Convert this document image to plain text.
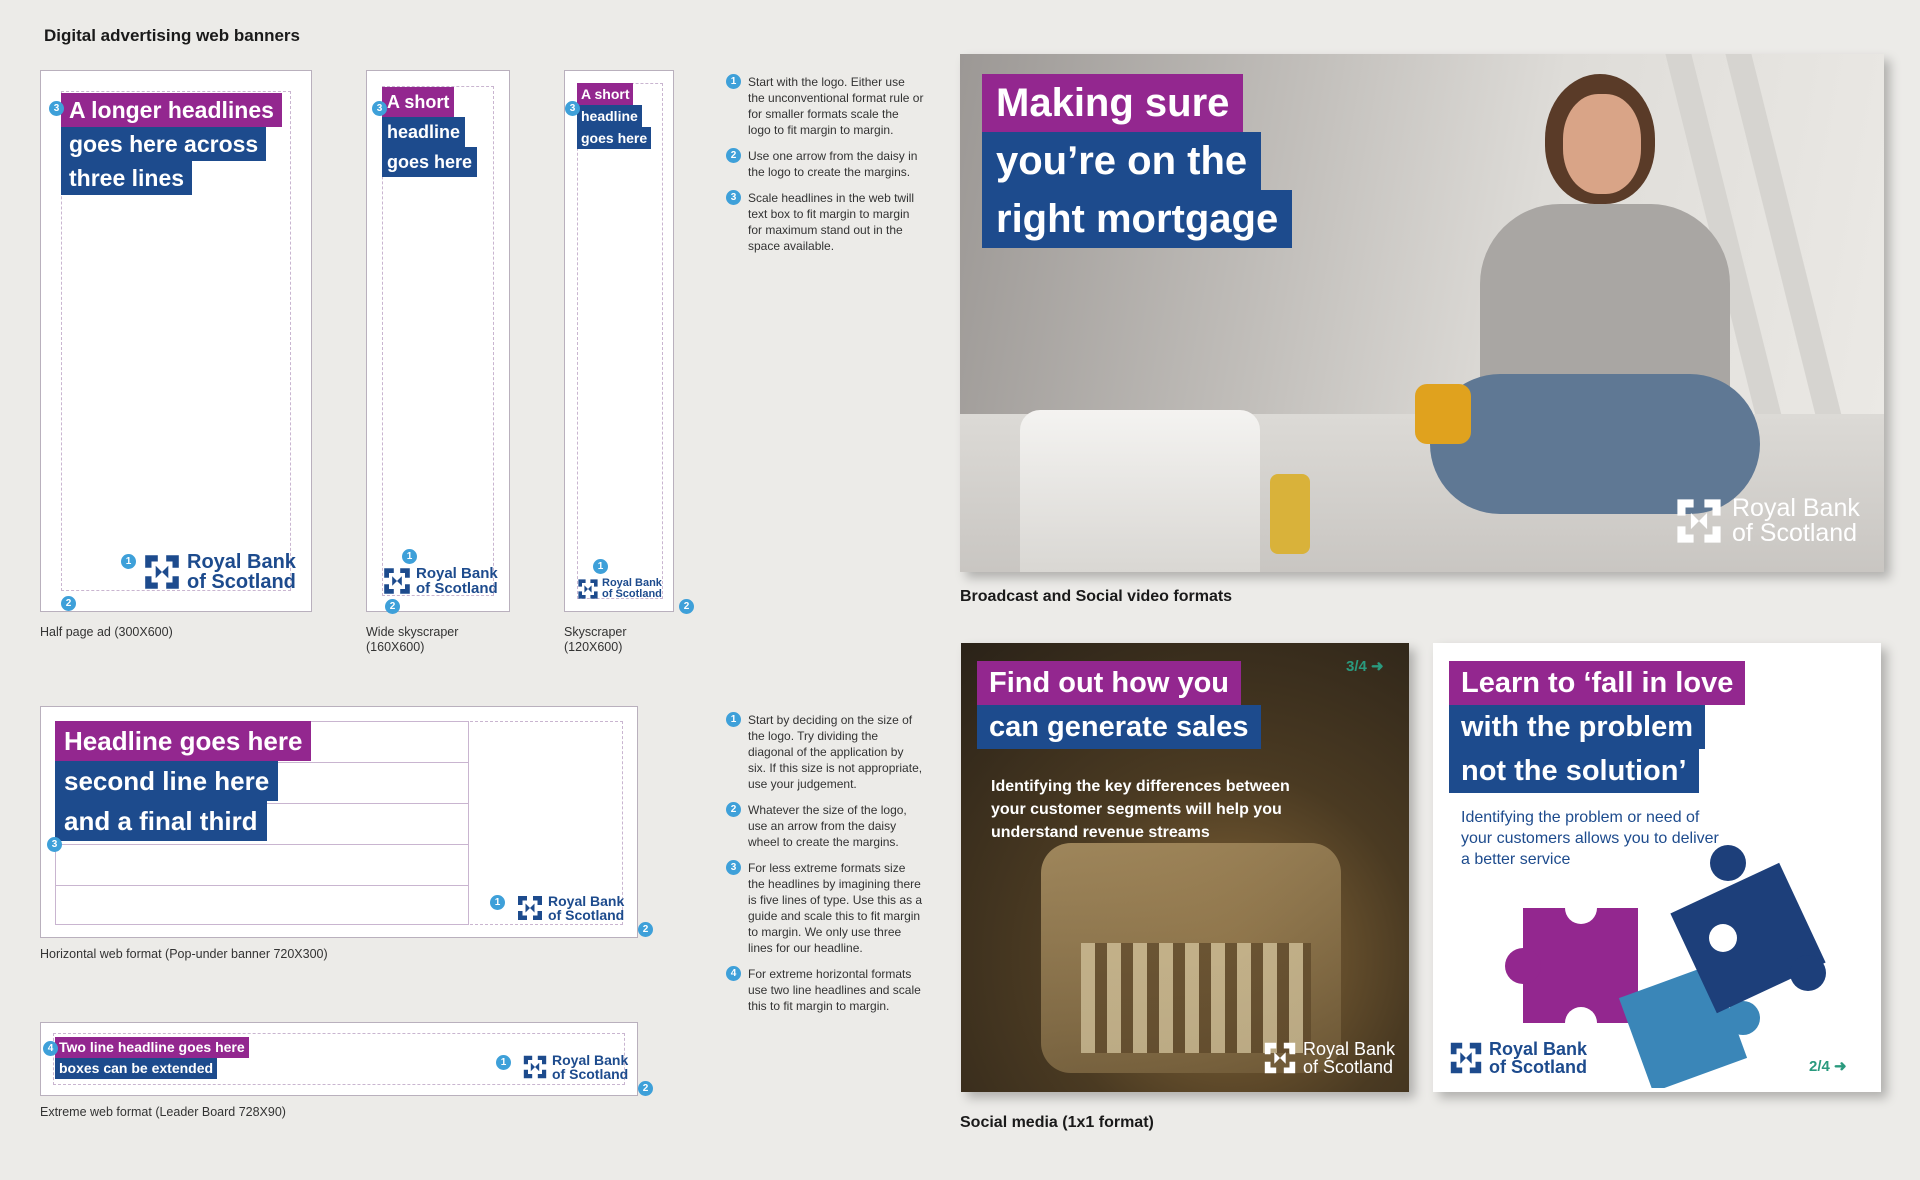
Digital advertising web banners
A longer headlines
goes here across
three lines
3
Royal Bank
of Scotland
1
2
Half page ad (300X600)
A short
headline
goes here
3
Royal Bank
of Scotland
1
2
Wide skyscraper
(160X600)
A short
headline
goes here
3
Royal Bank
of Scotland
1
2
Skyscraper
(120X600)
1 Start with the logo. Either use the unconventional format rule or for smaller formats scale the logo to fit margin to margin.
2 Use one arrow from the daisy in the logo to create the margins.
3 Scale headlines in the web twill text box to fit margin to margin for maximum stand out in the space available.
Headline goes here
second line here
and a final third
3
Royal Bank
of Scotland
1
2
Horizontal web format (Pop-under banner 720X300)
Two line headline goes here
boxes can be extended
4
Royal Bank
of Scotland
1
2
Extreme web format (Leader Board 728X90)
1 Start by deciding on the size of the logo. Try dividing the diagonal of the application by six. If this size is not appropriate, use your judgement.
2 Whatever the size of the logo, use an arrow from the daisy wheel to create the margins.
3 For less extreme formats size the headlines by imagining there is five lines of type. Use this as a guide and scale this to fit margin to margin. We only use three lines for our headline.
4 For extreme horizontal formats use two line headlines and scale this to fit margin to margin.
Making sure
you’re on the
right mortgage
Royal Bank
of Scotland
Broadcast and Social video formats
Find out how you
can generate sales
Identifying the key differences between
your customer segments will help you
understand revenue streams
3/4 ➜
Royal Bank
of Scotland
Learn to ‘fall in love
with the problem
not the solution’
Identifying the problem or need of
your customers allows you to deliver
a better service
Royal Bank
of Scotland	2/4 ➜
Social media (1x1 format)
